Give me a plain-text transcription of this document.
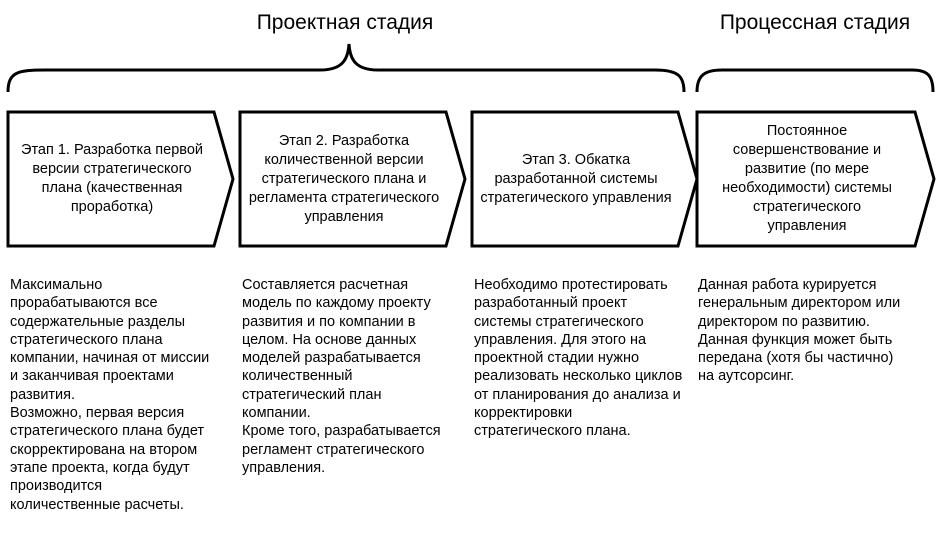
Проектная стадия	Процессная стадия
Этап 1. Разработка первой версии стратегического плана (качественная проработка)
Этап 2. Разработка количественной версии стратегического плана и регламента стратегического управления
Этап 3. Обкатка разработанной системы стратегического управления
Постоянное совершенствование и развитие (по мере необходимости) системы стратегического управления
Максимально прорабатываются все содержательные разделы стратегического плана компании, начиная от миссии и заканчивая проектами развития.
Возможно, первая версия стратегического плана будет скорректирована на втором этапе проекта, когда будут производится количественные расчеты.
Составляется расчетная модель по каждому проекту развития и по компании в целом. На основе данных моделей разрабатывается количественный стратегический план компании.
Кроме того, разрабатывается регламент стратегического управления.
Необходимо протестировать разработанный проект системы стратегического управления. Для этого на проектной стадии нужно реализовать несколько циклов от планирования до анализа и корректировки стратегического плана.
Данная работа курируется генеральным директором или директором по развитию.
Данная функция может быть передана (хотя бы частично) на аутсорсинг.
